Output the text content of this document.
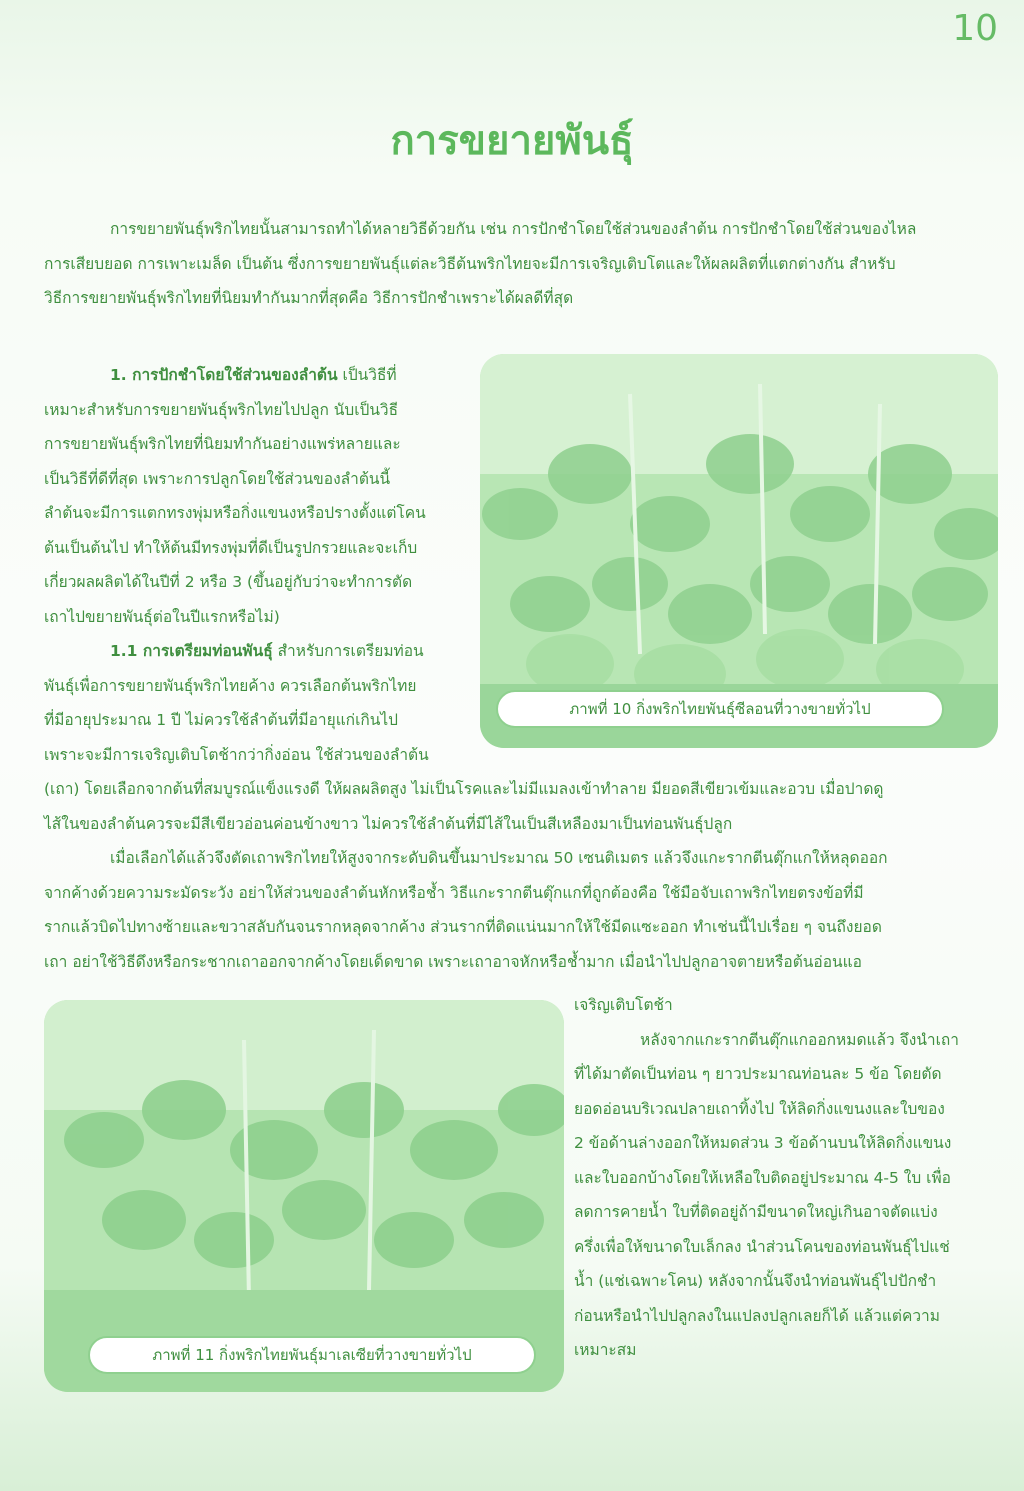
10
การขยายพันธุ์

การขยายพันธุ์พริกไทยนั้นสามารถทำได้หลายวิธีด้วยกัน เช่น การปักชำโดยใช้ส่วนของลำต้น การปักชำโดยใช้ส่วนของไหล

การเสียบยอด การเพาะเมล็ด เป็นต้น ซึ่งการขยายพันธุ์แต่ละวิธีต้นพริกไทยจะมีการเจริญเติบโตและให้ผลผลิตที่แตกต่างกัน สำหรับ

วิธีการขยายพันธุ์พริกไทยที่นิยมทำกันมากที่สุดคือ วิธีการปักชำเพราะได้ผลดีที่สุด

1. การปักชำโดยใช้ส่วนของลำต้น เป็นวิธีที่

เหมาะสำหรับการขยายพันธุ์พริกไทยไปปลูก นับเป็นวิธี

การขยายพันธุ์พริกไทยที่นิยมทำกันอย่างแพร่หลายและ

เป็นวิธีที่ดีที่สุด เพราะการปลูกโดยใช้ส่วนของลำต้นนี้

ลำต้นจะมีการแตกทรงพุ่มหรือกิ่งแขนงหรือปรางตั้งแต่โคน

ต้นเป็นต้นไป ทำให้ต้นมีทรงพุ่มที่ดีเป็นรูปกรวยและจะเก็บ

เกี่ยวผลผลิตได้ในปีที่ 2 หรือ 3 (ขึ้นอยู่กับว่าจะทำการตัด

เถาไปขยายพันธุ์ต่อในปีแรกหรือไม่)

1.1 การเตรียมท่อนพันธุ์ สำหรับการเตรียมท่อน

พันธุ์เพื่อการขยายพันธุ์พริกไทยค้าง ควรเลือกต้นพริกไทย

ที่มีอายุประมาณ 1 ปี ไม่ควรใช้ลำต้นที่มีอายุแก่เกินไป

เพราะจะมีการเจริญเติบโตช้ากว่ากิ่งอ่อน ใช้ส่วนของลำต้น

(เถา) โดยเลือกจากต้นที่สมบูรณ์แข็งแรงดี ให้ผลผลิตสูง ไม่เป็นโรคและไม่มีแมลงเข้าทำลาย มียอดสีเขียวเข้มและอวบ เมื่อปาดดู

ไส้ในของลำต้นควรจะมีสีเขียวอ่อนค่อนข้างขาว ไม่ควรใช้ลำต้นที่มีไส้ในเป็นสีเหลืองมาเป็นท่อนพันธุ์ปลูก

เมื่อเลือกได้แล้วจึงตัดเถาพริกไทยให้สูงจากระดับดินขึ้นมาประมาณ 50 เซนติเมตร แล้วจึงแกะรากตีนตุ๊กแกให้หลุดออก

จากค้างด้วยความระมัดระวัง อย่าให้ส่วนของลำต้นหักหรือช้ำ วิธีแกะรากตีนตุ๊กแกที่ถูกต้องคือ ใช้มือจับเถาพริกไทยตรงข้อที่มี

รากแล้วบิดไปทางซ้ายและขวาสลับกันจนรากหลุดจากค้าง ส่วนรากที่ติดแน่นมากให้ใช้มีดแซะออก ทำเช่นนี้ไปเรื่อย ๆ จนถึงยอด

เถา อย่าใช้วิธีดึงหรือกระชากเถาออกจากค้างโดยเด็ดขาด เพราะเถาอาจหักหรือช้ำมาก เมื่อนำไปปลูกอาจตายหรือต้นอ่อนแอ

เจริญเติบโตช้า

หลังจากแกะรากตีนตุ๊กแกออกหมดแล้ว จึงนำเถา

ที่ได้มาตัดเป็นท่อน ๆ ยาวประมาณท่อนละ 5 ข้อ โดยตัด

ยอดอ่อนบริเวณปลายเถาทิ้งไป ให้ลิดกิ่งแขนงและใบของ

2 ข้อด้านล่างออกให้หมดส่วน 3 ข้อด้านบนให้ลิดกิ่งแขนง

และใบออกบ้างโดยให้เหลือใบติดอยู่ประมาณ 4-5 ใบ เพื่อ

ลดการคายน้ำ ใบที่ติดอยู่ถ้ามีขนาดใหญ่เกินอาจตัดแบ่ง

ครึ่งเพื่อให้ขนาดใบเล็กลง นำส่วนโคนของท่อนพันธุ์ไปแช่

น้ำ (แช่เฉพาะโคน) หลังจากนั้นจึงนำท่อนพันธุ์ไปปักชำ

ก่อนหรือนำไปปลูกลงในแปลงปลูกเลยก็ได้ แล้วแต่ความ

เหมาะสม

ภาพที่ 10 กิ่งพริกไทยพันธุ์ซีลอนที่วางขายทั่วไป
ภาพที่ 11 กิ่งพริกไทยพันธุ์มาเลเซียที่วางขายทั่วไป
